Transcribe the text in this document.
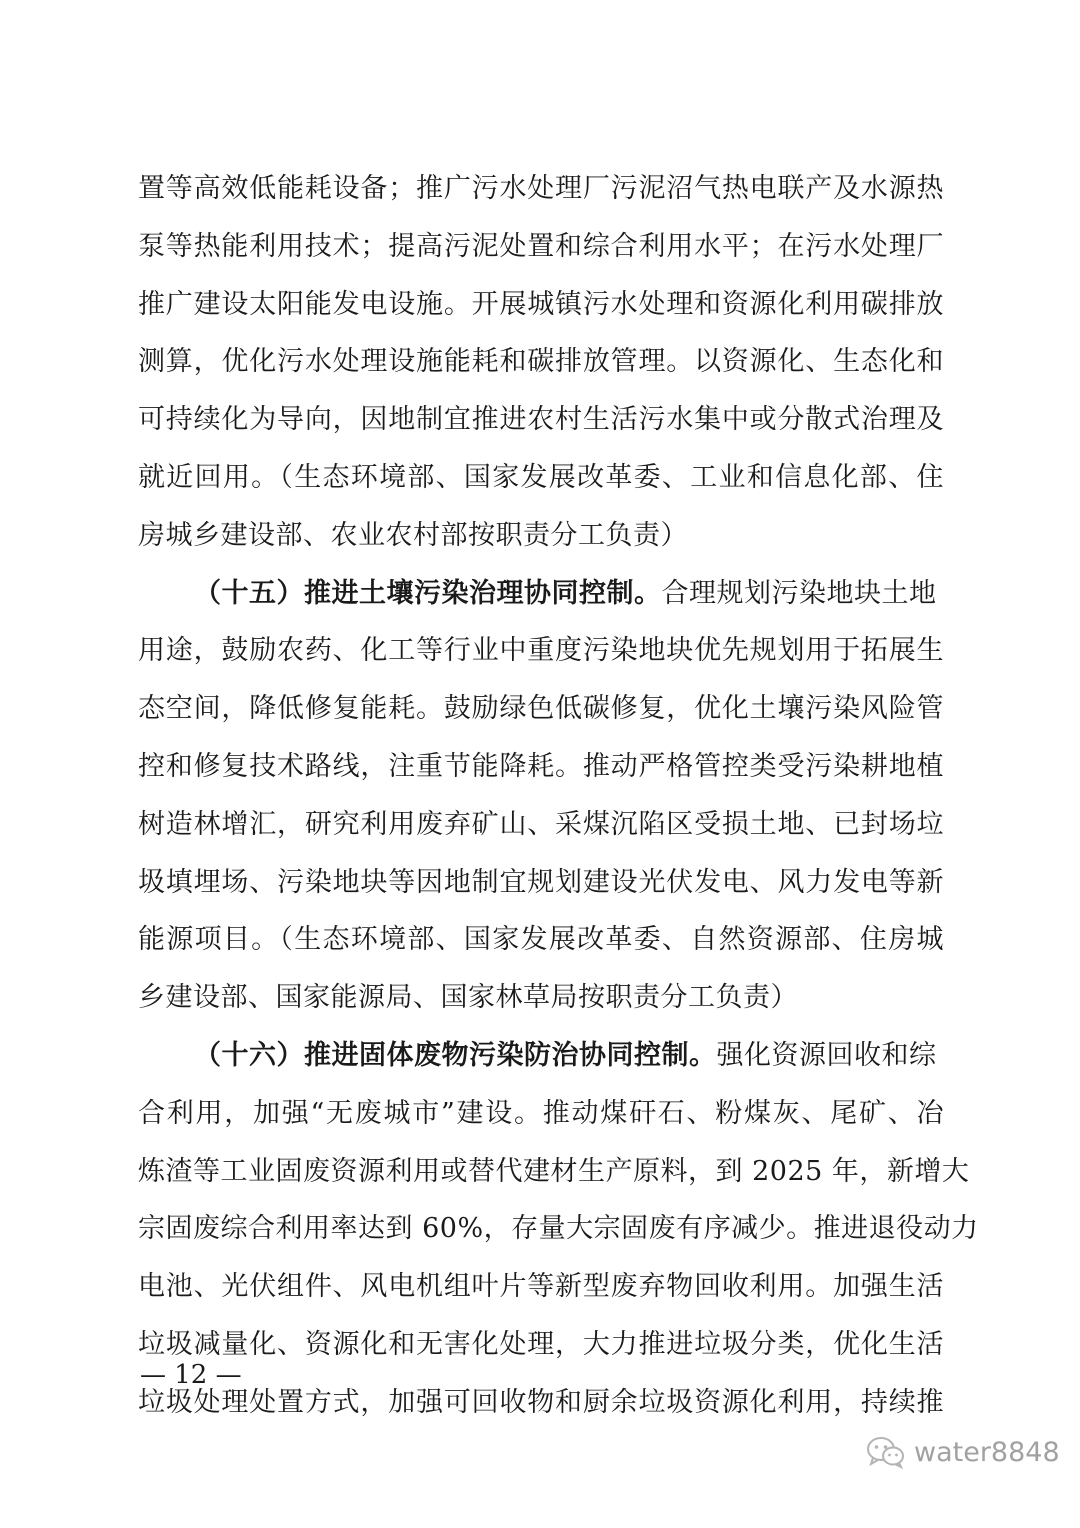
置等高效低能耗设备；推广污水处理厂污泥沼气热电联产及水源热
泵等热能利用技术；提高污泥处置和综合利用水平；在污水处理厂
推广建设太阳能发电设施。开展城镇污水处理和资源化利用碳排放
测算，优化污水处理设施能耗和碳排放管理。以资源化、生态化和
可持续化为导向，因地制宜推进农村生活污水集中或分散式治理及
就近回用。（生态环境部、国家发展改革委、工业和信息化部、住
房城乡建设部、农业农村部按职责分工负责）
（十五）推进土壤污染治理协同控制。合理规划污染地块土地
用途，鼓励农药、化工等行业中重度污染地块优先规划用于拓展生
态空间，降低修复能耗。鼓励绿色低碳修复，优化土壤污染风险管
控和修复技术路线，注重节能降耗。推动严格管控类受污染耕地植
树造林增汇，研究利用废弃矿山、采煤沉陷区受损土地、已封场垃
圾填埋场、污染地块等因地制宜规划建设光伏发电、风力发电等新
能源项目。（生态环境部、国家发展改革委、自然资源部、住房城
乡建设部、国家能源局、国家林草局按职责分工负责）
（十六）推进固体废物污染防治协同控制。强化资源回收和综
合利用，加强“无废城市”建设。推动煤矸石、粉煤灰、尾矿、冶
炼渣等工业固废资源利用或替代建材生产原料，到 2025 年，新增大
宗固废综合利用率达到 60%，存量大宗固废有序减少。推进退役动力
电池、光伏组件、风电机组叶片等新型废弃物回收利用。加强生活
垃圾减量化、资源化和无害化处理，大力推进垃圾分类，优化生活
垃圾处理处置方式，加强可回收物和厨余垃圾资源化利用，持续推
— 12 —
water8848
